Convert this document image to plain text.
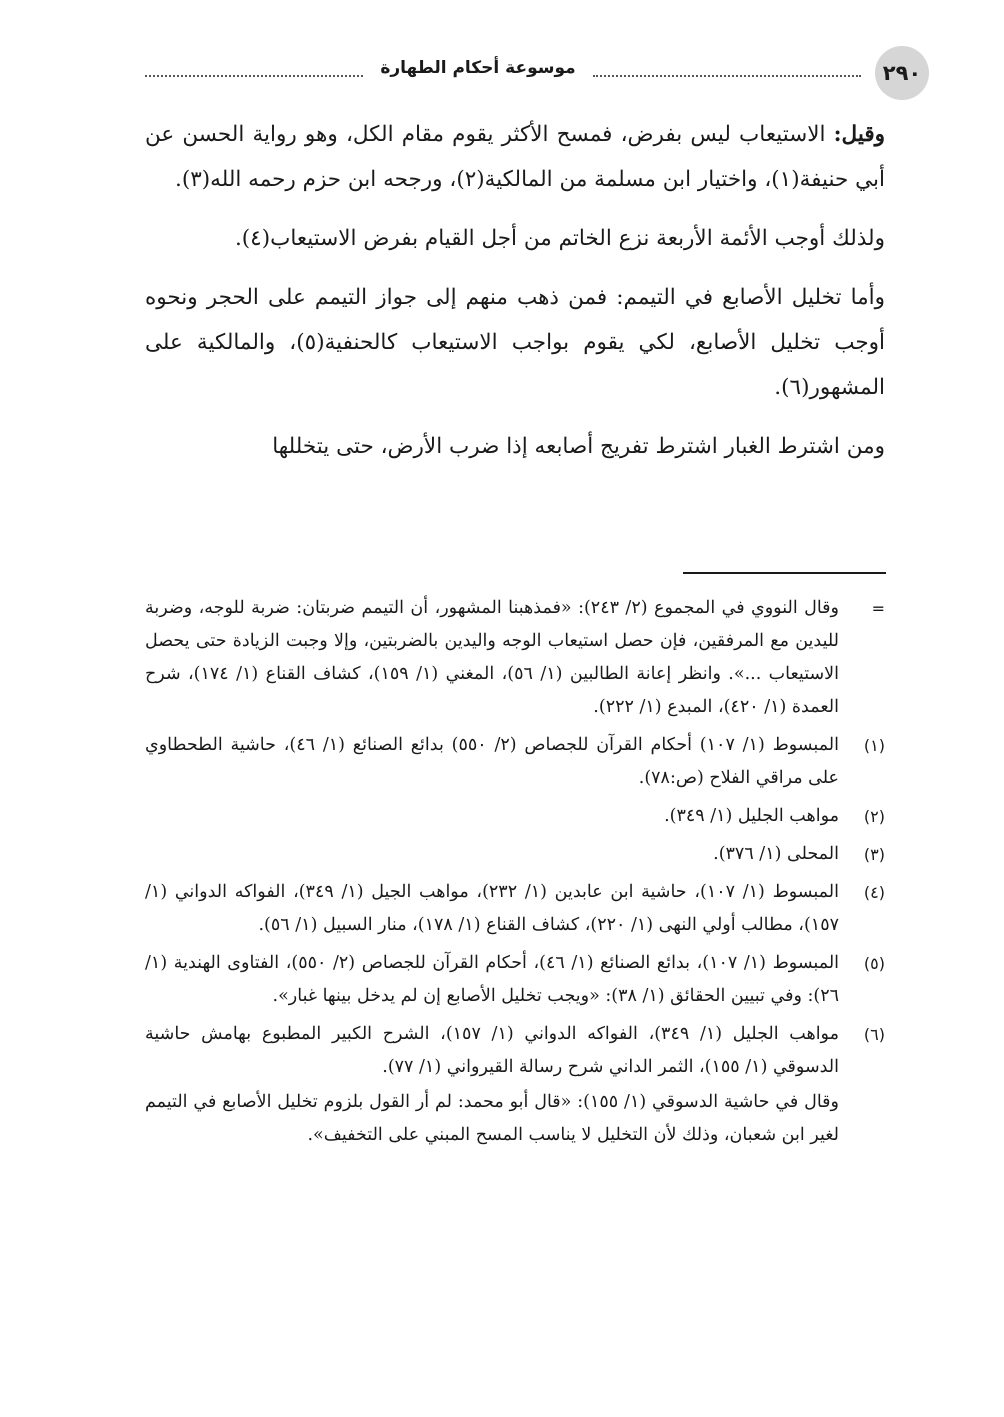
٢٩٠
موسوعة أحكام الطهارة

وقيل: الاستيعاب ليس بفرض، فمسح الأكثر يقوم مقام الكل، وهو رواية الحسن عن أبي حنيفة(١)، واختيار ابن مسلمة من المالكية(٢)، ورجحه ابن حزم رحمه الله(٣).

ولذلك أوجب الأئمة الأربعة نزع الخاتم من أجل القيام بفرض الاستيعاب(٤).

وأما تخليل الأصابع في التيمم: فمن ذهب منهم إلى جواز التيمم على الحجر ونحوه أوجب تخليل الأصابع، لكي يقوم بواجب الاستيعاب كالحنفية(٥)، والمالكية على المشهور(٦).

ومن اشترط الغبار اشترط تفريج أصابعه إذا ضرب الأرض، حتى يتخللها

=
وقال النووي في المجموع (٢/ ٢٤٣): «فمذهبنا المشهور، أن التيمم ضربتان: ضربة للوجه، وضربة لليدين مع المرفقين، فإن حصل استيعاب الوجه واليدين بالضربتين، وإلا وجبت الزيادة حتى يحصل الاستيعاب ...». وانظر إعانة الطالبين (١/ ٥٦)، المغني (١/ ١٥٩)، كشاف القناع (١/ ١٧٤)، شرح العمدة (١/ ٤٢٠)، المبدع (١/ ٢٢٢).
(١)
المبسوط (١/ ١٠٧) أحكام القرآن للجصاص (٢/ ٥٥٠) بدائع الصنائع (١/ ٤٦)، حاشية الطحطاوي على مراقي الفلاح (ص:٧٨).
(٢)
مواهب الجليل (١/ ٣٤٩).
(٣)
المحلى (١/ ٣٧٦).
(٤)
المبسوط (١/ ١٠٧)، حاشية ابن عابدين (١/ ٢٣٢)، مواهب الجيل (١/ ٣٤٩)، الفواكه الدواني (١/ ١٥٧)، مطالب أولي النهى (١/ ٢٢٠)، كشاف القناع (١/ ١٧٨)، منار السبيل (١/ ٥٦).
(٥)
المبسوط (١/ ١٠٧)، بدائع الصنائع (١/ ٤٦)، أحكام القرآن للجصاص (٢/ ٥٥٠)، الفتاوى الهندية (١/ ٢٦): وفي تبيين الحقائق (١/ ٣٨): «ويجب تخليل الأصابع إن لم يدخل بينها غبار».
(٦)
مواهب الجليل (١/ ٣٤٩)، الفواكه الدواني (١/ ١٥٧)، الشرح الكبير المطبوع بهامش حاشية الدسوقي (١/ ١٥٥)، الثمر الداني شرح رسالة القيرواني (١/ ٧٧).
وقال في حاشية الدسوقي (١/ ١٥٥): «قال أبو محمد: لم أر القول بلزوم تخليل الأصابع في التيمم لغير ابن شعبان، وذلك لأن التخليل لا يناسب المسح المبني على التخفيف».
